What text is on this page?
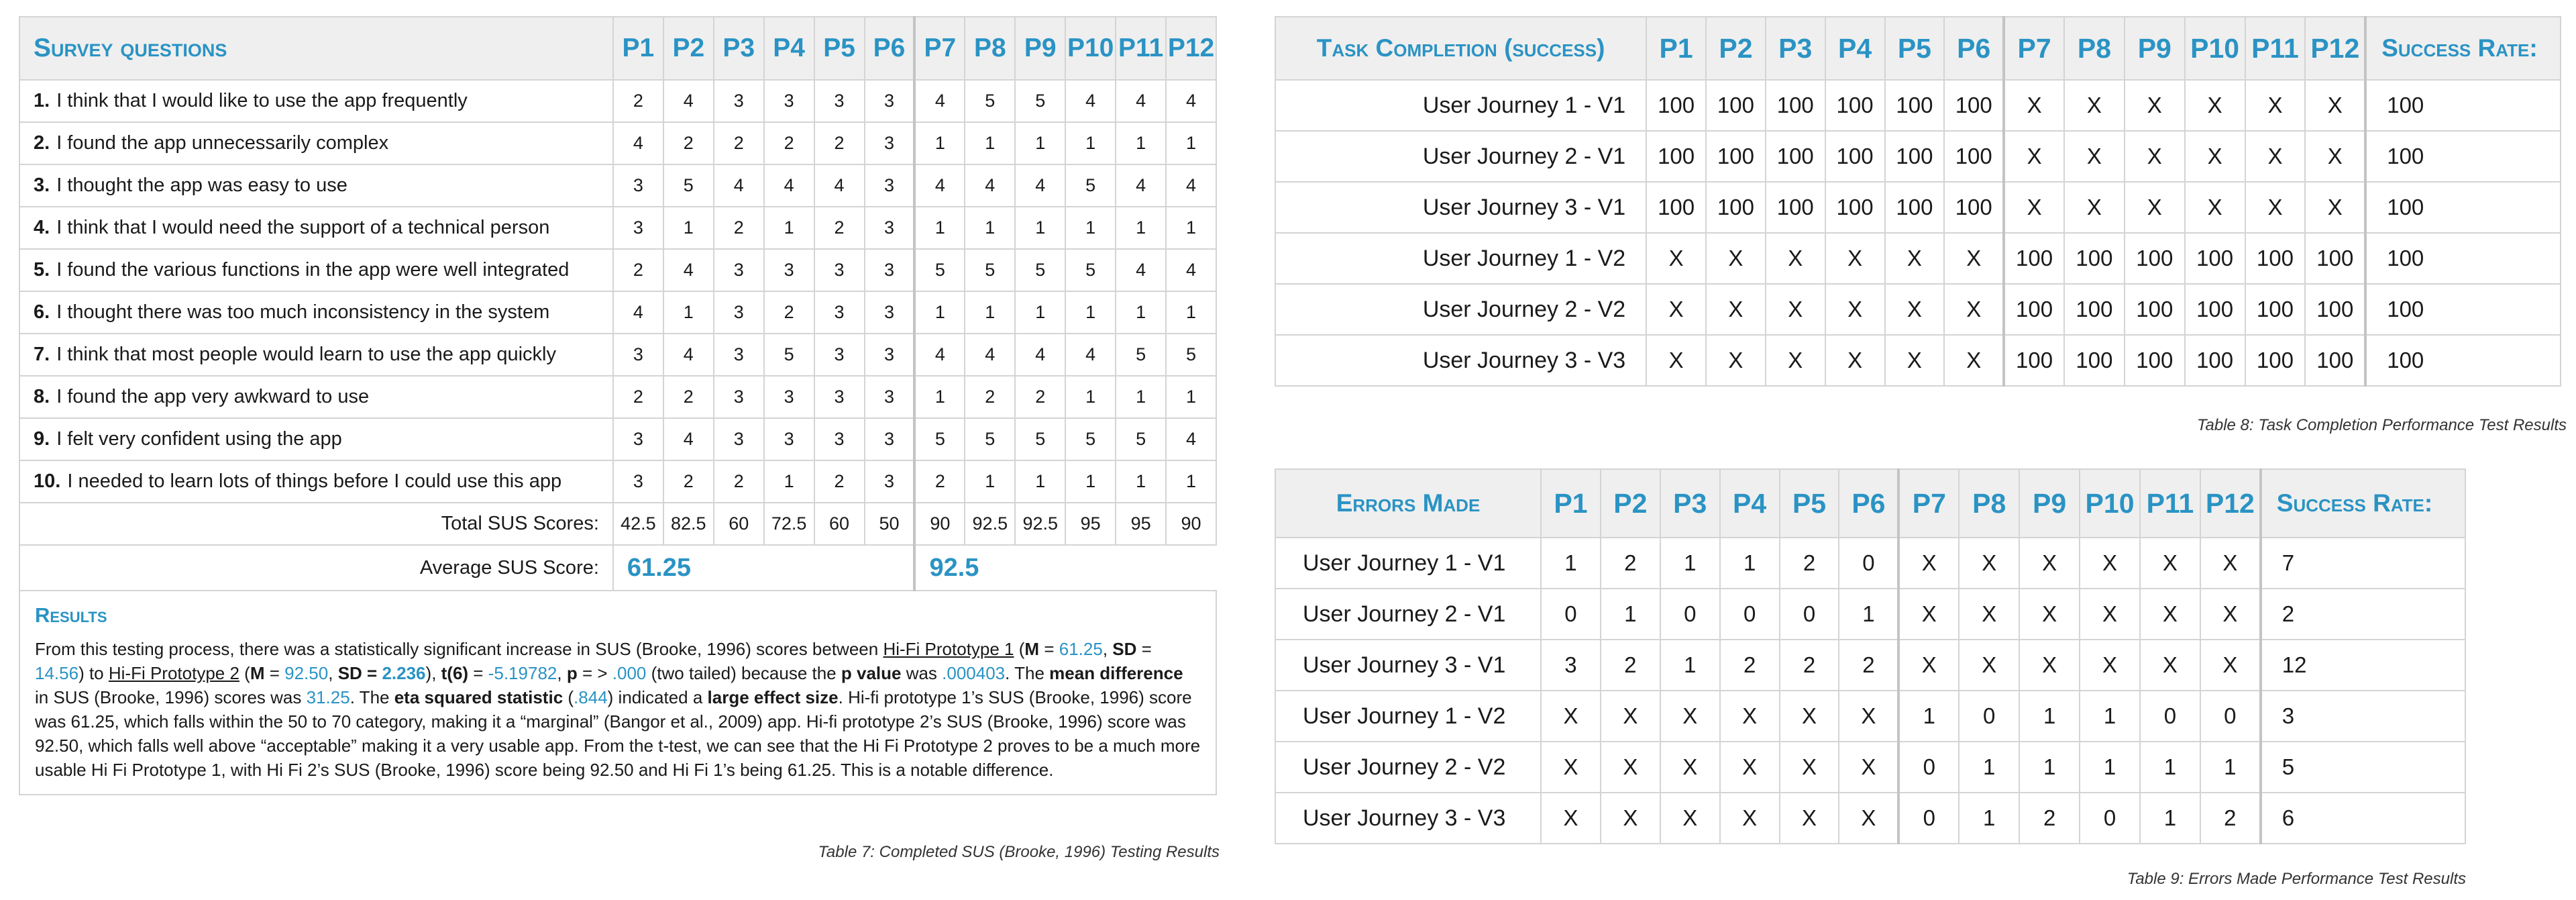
Survey questions	P1	P2	P3	P4	P5	P6	P7	P8	P9	P10	P11	P12
1. I think that I would like to use the app frequently	2	4	3	3	3	3	4	5	5	4	4	4
2. I found the app unnecessarily complex	4	2	2	2	2	3	1	1	1	1	1	1
3. I thought the app was easy to use	3	5	4	4	4	3	4	4	4	5	4	4
4. I think that I would need the support of a technical person	3	1	2	1	2	3	1	1	1	1	1	1
5. I found the various functions in the app were well integrated	2	4	3	3	3	3	5	5	5	5	4	4
6. I thought there was too much inconsistency in the system	4	1	3	2	3	3	1	1	1	1	1	1
7. I think that most people would learn to use the app quickly	3	4	3	5	3	3	4	4	4	4	5	5
8. I found the app very awkward to use	2	2	3	3	3	3	1	2	2	1	1	1
9. I felt very confident using the app	3	4	3	3	3	3	5	5	5	5	5	4
10. I needed to learn lots of things before I could use this app	3	2	2	1	2	3	2	1	1	1	1	1
Total SUS Scores:	42.5	82.5	60	72.5	60	50	90	92.5	92.5	95	95	90
Average SUS Score:	61.25						92.5					

Results
From this testing process, there was a statistically significant increase in SUS (Brooke, 1996) scores between Hi-Fi Prototype 1 (M = 61.25, SD = 14.56) to Hi-Fi Prototype 2 (M = 92.50, SD = 2.236), t(6) = -5.19782, p = > .000 (two tailed) because the p value was .000403. The mean difference in SUS (Brooke, 1996) scores was 31.25. The eta squared statistic (.844) indicated a large effect size. Hi-fi prototype 1’s SUS (Brooke, 1996) score was 61.25, which falls within the 50 to 70 category, making it a “marginal” (Bangor et al., 2009) app. Hi-fi prototype 2’s SUS (Brooke, 1996) score was 92.50, which falls well above “acceptable” making it a very usable app. From the t-test, we can see that the Hi Fi Prototype 2 proves to be a much more usable Hi Fi Prototype 1, with Hi Fi 2’s SUS (Brooke, 1996) score being 92.50 and Hi Fi 1’s being 61.25. This is a notable difference.												
Table 7: Completed SUS (Brooke, 1996) Testing Results
Task Completion (success)	P1	P2	P3	P4	P5	P6	P7	P8	P9	P10	P11	P12	Success Rate:
User Journey 1 - V1	100	100	100	100	100	100	X	X	X	X	X	X	100
User Journey 2 - V1	100	100	100	100	100	100	X	X	X	X	X	X	100
User Journey 3 - V1	100	100	100	100	100	100	X	X	X	X	X	X	100
User Journey 1 - V2	X	X	X	X	X	X	100	100	100	100	100	100	100
User Journey 2 - V2	X	X	X	X	X	X	100	100	100	100	100	100	100
User Journey 3 - V3	X	X	X	X	X	X	100	100	100	100	100	100	100
Table 8: Task Completion Performance Test Results
Errors Made	P1	P2	P3	P4	P5	P6	P7	P8	P9	P10	P11	P12	Success Rate:
User Journey 1 - V1	1	2	1	1	2	0	X	X	X	X	X	X	7
User Journey 2 - V1	0	1	0	0	0	1	X	X	X	X	X	X	2
User Journey 3 - V1	3	2	1	2	2	2	X	X	X	X	X	X	12
User Journey 1 - V2	X	X	X	X	X	X	1	0	1	1	0	0	3
User Journey 2 - V2	X	X	X	X	X	X	0	1	1	1	1	1	5
User Journey 3 - V3	X	X	X	X	X	X	0	1	2	0	1	2	6
Table 9: Errors Made Performance Test Results
